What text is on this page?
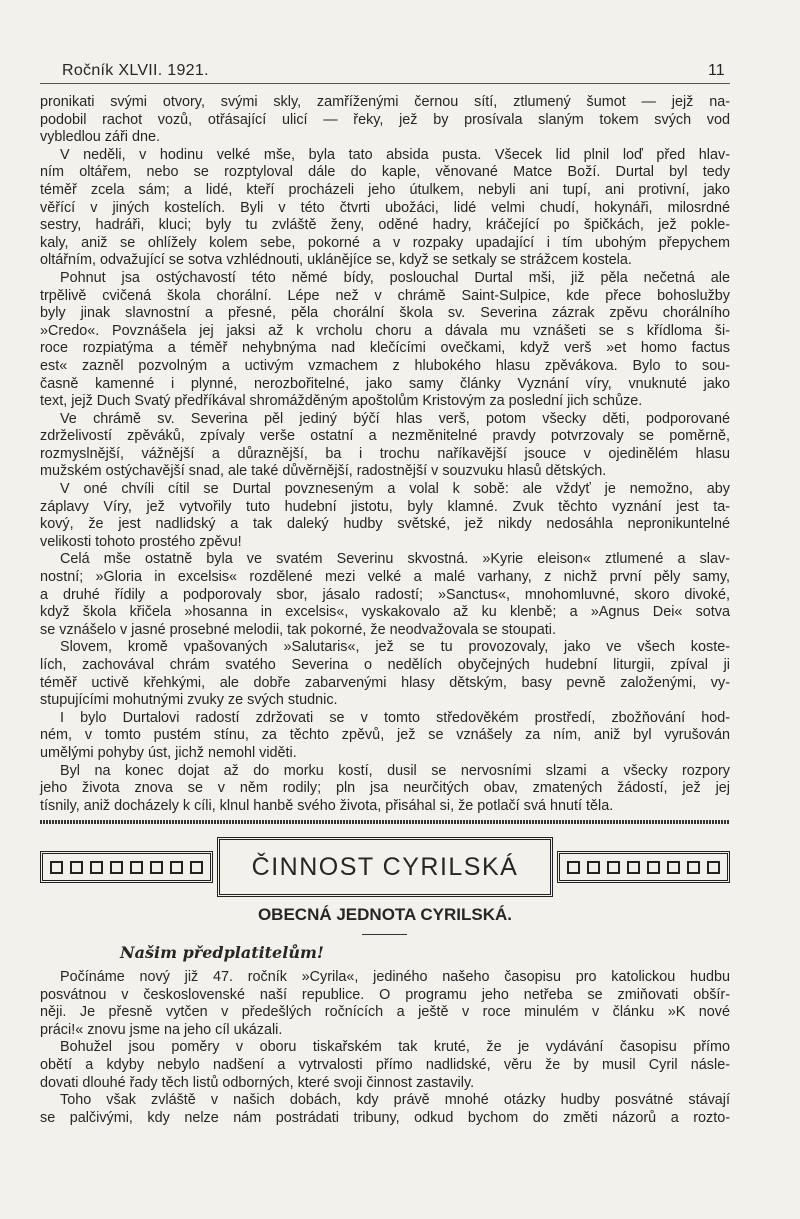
Ročník XLVII. 1921.	11
pronikati svými otvory, svými skly, zamříženými černou sítí, ztlumený šumot — jejž na-
podobil rachot vozů, otřásající ulicí — řeky, jež by prosívala slaným tokem svých vod
vybledlou záři dne.
V neděli, v hodinu velké mše, byla tato absida pusta. Všecek lid plnil loď před hlav-
ním oltářem, nebo se rozptyloval dále do kaple, věnované Matce Boží. Durtal byl tedy
téměř zcela sám; a lidé, kteří procházeli jeho útulkem, nebyli ani tupí, ani protivní, jako
věřící v jiných kostelích. Byli v této čtvrti ubožáci, lidé velmi chudí, hokynáři, milosrdné
sestry, hadráři, kluci; byly tu zvláště ženy, oděné hadry, kráčející po špičkách, jež pokle-
kaly, aniž se ohlížely kolem sebe, pokorné a v rozpaky upadající i tím ubohým přepychem
oltářním, odvažující se sotva vzhlédnouti, uklánějíce se, když se setkaly se strážcem kostela.
Pohnut jsa ostýchavostí této němé bídy, poslouchal Durtal mši, již pěla nečetná ale
trpělivě cvičená škola chorální. Lépe než v chrámě Saint-Sulpice, kde přece bohoslužby
byly jinak slavnostní a přesné, pěla chorální škola sv. Severina zázrak zpěvu chorálního
»Credo«. Povznášela jej jaksi až k vrcholu choru a dávala mu vznášeti se s křídloma ši-
roce rozpiatýma a téměř nehybnýma nad klečícími ovečkami, když verš »et homo factus
est« zazněl pozvolným a uctivým vzmachem z hlubokého hlasu zpěvákova. Bylo to sou-
časně kamenné i plynné, nerozbořitelné, jako samy články Vyznání víry, vnuknuté jako
text, jejž Duch Svatý předříkával shromážděným apoštolům Kristovým za poslední jich schůze.
Ve chrámě sv. Severina pěl jediný býčí hlas verš, potom všecky děti, podporované
zdrželivostí zpěváků, zpívaly verše ostatní a nezměnitelné pravdy potvrzovaly se poměrně,
rozmyslnější, vážnější a důraznější, ba i trochu naříkavější jsouce v ojedinělém hlasu
mužském ostýchavější snad, ale také důvěrnější, radostnější v souzvuku hlasů dětských.
V oné chvíli cítil se Durtal povzneseným a volal k sobě: ale vždyť je nemožno, aby
záplavy Víry, jež vytvořily tuto hudební jistotu, byly klamné. Zvuk těchto vyznání jest ta-
kový, že jest nadlidský a tak daleký hudby světské, jež nikdy nedosáhla nepronikuntelné
velikosti tohoto prostého zpěvu!
Celá mše ostatně byla ve svatém Severinu skvostná. »Kyrie eleison« ztlumené a slav-
nostní; »Gloria in excelsis« rozdělené mezi velké a malé varhany, z nichž první pěly samy,
a druhé řídily a podporovaly sbor, jásalo radostí; »Sanctus«, mnohomluvné, skoro divoké,
když škola křičela »hosanna in excelsis«, vyskakovalo až ku klenbě; a »Agnus Dei« sotva
se vznášelo v jasné prosebné melodii, tak pokorné, že neodvažovala se stoupati.
Slovem, kromě vpašovaných »Salutaris«, jež se tu provozovaly, jako ve všech koste-
lích, zachovával chrám svatého Severina o nedělích obyčejných hudební liturgii, zpíval ji
téměř uctivě křehkými, ale dobře zabarvenými hlasy dětským, basy pevně založenými, vy-
stupujícími mohutnými zvuky ze svých studnic.
I bylo Durtalovi radostí zdržovati se v tomto středověkém prostředí, zbožňování hod-
ném, v tomto pustém stínu, za těchto zpěvů, jež se vznášely za ním, aniž byl vyrušován
umělými pohyby úst, jichž nemohl viděti.
Byl na konec dojat až do morku kostí, dusil se nervosními slzami a všecky rozpory
jeho života znova se v něm rodily; pln jsa neurčitých obav, zmatených žádostí, jež jej
tísnily, aniž docházely k cíli, klnul hanbě svého života, přisáhal si, že potlačí svá hnutí těla.
ČINNOST CYRILSKÁ
OBECNÁ JEDNOTA CYRILSKÁ.
Našim předplatitelům!
Počínáme nový již 47. ročník »Cyrila«, jediného našeho časopisu pro katolickou hudbu
posvátnou v československé naší republice. O programu jeho netřeba se zmiňovati obšír-
něji. Je přesně vytčen v předešlých ročnících a ještě v roce minulém v článku »K nové
práci!« znovu jsme na jeho cíl ukázali.
Bohužel jsou poměry v oboru tiskařském tak kruté, že je vydávání časopisu přímo
obětí a kdyby nebylo nadšení a vytrvalosti přímo nadlidské, věru že by musil Cyril násle-
dovati dlouhé řady těch listů odborných, které svoji činnost zastavily.
Toho však zvláště v našich dobách, kdy právě mnohé otázky hudby posvátné stávají
se palčivými, kdy nelze nám postrádati tribuny, odkud bychom do změti názorů a rozto-
